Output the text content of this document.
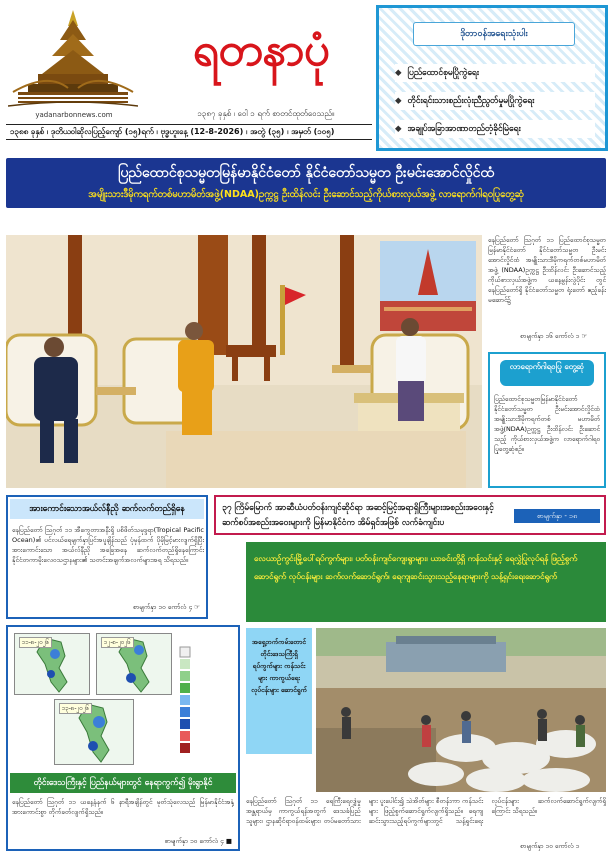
ရတနာပုံ
yadanarbonnews.com	၁၃၈၇ ခုနှစ် ၊ ဝေါ ၁ ရက် စာတင်ထုတ်ဝေသည်။
၁၃၈၈ ခုနှစ် ၊ ဒုတိယဝါဆိုလပြည့်ကျော် (၁၅)ရက် ၊ ဗုဒ္ဓဟူးနေ့ (12-8-2026) ၊ အတွဲ (၃၅) ၊ အမှတ် (၁၀၅)
ဒိုတာဝန်အရေးသုံးပါး
◆ ပြည်ထောင်စုမပြိုကွဲရေး
◆ တိုင်းရင်းသားစည်းလုံးညီညွတ်မှုမပြိုကွဲရေး
◆ အချုပ်အခြာအာဏာတည်တံ့ခိုင်မြဲရေး
ပြည်ထောင်စုသမ္မတမြန်မာနိုင်ငံတော် နိုင်ငံတော်သမ္မတ ဦးမင်းအောင်လှိုင်ထံ
အမျိုးသားဒီမိုကရက်တစ်မဟာမိတ်အဖွဲ့(NDAA)ဥက္ကဋ္ဌ ဦးထိန်လင်း ဦးဆောင်သည့်ကိုယ်စားလှယ်အဖွဲ့ လာရောက်ဂါရဝပြုတွေ့ဆုံ
နေပြည်တော် ဩဂုတ် ၁၁ ပြည်ထောင်စုသမ္မတမြန်မာနိုင်ငံတော် နိုင်ငံတော်သမ္မတ ဦးမင်းအောင်လှိုင်ထံ အမျိုးသားဒီမိုကရက်တစ်မဟာမိတ်အဖွဲ့ (NDAA)ဥက္ကဋ္ဌ ဦးထိန်လင်း ဦးဆောင်သည့် ကိုယ်စားလှယ်အဖွဲ့က ယနေ့မွန်းလွဲပိုင်း တွင် နေပြည်တော်ရှိ နိုင်ငံတော်သမ္မတ ရုံးတော် ဧည့်ခန်းမဆောင်၌
စာမျက်နှာ ၁၆ ကော်လံ ၁ ☞
လာရောက်ဂါရဝပြု တွေ့ဆုံ
ပြည်ထောင်စုသမ္မတမြန်မာနိုင်ငံတော် နိုင်ငံတော်သမ္မတ ဦးမင်းအောင်လှိုင်ထံ အမျိုးသားဒီမိုကရက်တစ် မဟာမိတ် အဖွဲ့(NDAA)ဥက္ကဋ္ဌ ဦးထိန်လင်း ဦးဆောင်သည့် ကိုယ်စားလှယ်အဖွဲ့က လာရောက်ဂါရဝပြုတွေ့ဆုံစဉ်။
၃၇ ကြိမ်မြောက် အာဆီယံပတ်ဝန်းကျင်ဆိုင်ရာ အဆင့်မြင့်အရာရှိကြီးများအစည်းအဝေးနှင့် ဆက်စပ်အစည်းအဝေးများကို မြန်မာနိုင်ငံက အိမ်ရှင်အဖြစ် လက်ခံကျင်းပ
စာမျက်နှာ - ၁၈
အားကောင်းသောအယ်လ်နီညို ဆက်လက်တည်ရှိနေ
နေပြည်တော် ဩဂုတ် ၁၁ အီကွေတာအနီးရှိ ပစိဖိတ်သမုဒ္ဒရာ(Tropical Pacific Ocean)၏ ပင်လယ်ရေမျက်နှာပြင်အပူချိန်သည် ပုံမှန်ထက် ပိုမိုမြင့်မားလျက်ရှိပြီး အားကောင်းသော အယ်လ်နီညို အခြေအနေ ဆက်လက်တည်ရှိနေကြောင်း နိုင်ငံတကာမိုးလေဝသဌာနများ၏ သတင်းအချက်အလက်များအရ သိရသည်။
စာမျက်နှာ ၁၀ ကော်လံ ၄ ☞
၁၁-၈-၂၀၂၆	၁၂-၈-၂၀၂၆
၁၃-၈-၂၀၂၆
တိုင်းဒေသကြီးနှင့် ပြည်နယ်များတွင် နေရာကွက်၍ မိုးရွာနိုင်
နေပြည်တော် ဩဂုတ် ၁၁ ယနေ့နံနက် ၆ နာရီအချိန်တွင် မုတ်သုံလေသည် မြန်မာနိုင်ငံအနှံ့ အားကောင်းစွာ တိုက်ခတ်လျက်ရှိသည်။
စာမျက်နှာ ၁၀ ကော်လံ ၄ ■
လေယာဉ်ကွင်းမြို့ပေါ်ရပ်ကွက်များ၊ ပတ်ဝန်းကျင်ကျေးရွာများ၊ ယာခင်းတို့ရှိ ကန်သင်းနှင့် ရေလွှဲပြုလုပ်ရန် ဖြည့်စွက်ဆောင်ရွက် လုပ်ငန်းများ ဆက်လက်ဆောင်ရွက်၊ ရေကျဆင်းသွားသည့်နေရာများကို သန့်ရှင်းရေးဆောင်ရွက်
အရှေ့ဘက်ကမ်းတောင် တိုင်းဒေသကြီးရှိ ရပ်ကွက်များ ကန်သင်းများ ကာကွယ်ရေး လုပ်ငန်းများ ဆောင်ရွက်
နေပြည်တော် ဩဂုတ် ၁၁ ရေကြီးရေလျှံမှုအန္တရာယ်မှ ကာကွယ်ရန်အတွက် ဒေသခံပြည်သူများ၊ ဌာနဆိုင်ရာဝန်ထမ်းများ၊ တပ်မတော်သားများ ပူးပေါင်း၍ သဲအိတ်များ စီတန်းကာ ကန်သင်းများ ဖြည့်စွက်ဆောင်ရွက်လျက်ရှိသည်။ ရေကျဆင်းသွားသည့်ရပ်ကွက်များတွင် သန့်ရှင်းရေးလုပ်ငန်းများ ဆက်လက်ဆောင်ရွက်လျက်ရှိကြောင်း သိရသည်။
စာမျက်နှာ ၁၀ ကော်လံ ၁
